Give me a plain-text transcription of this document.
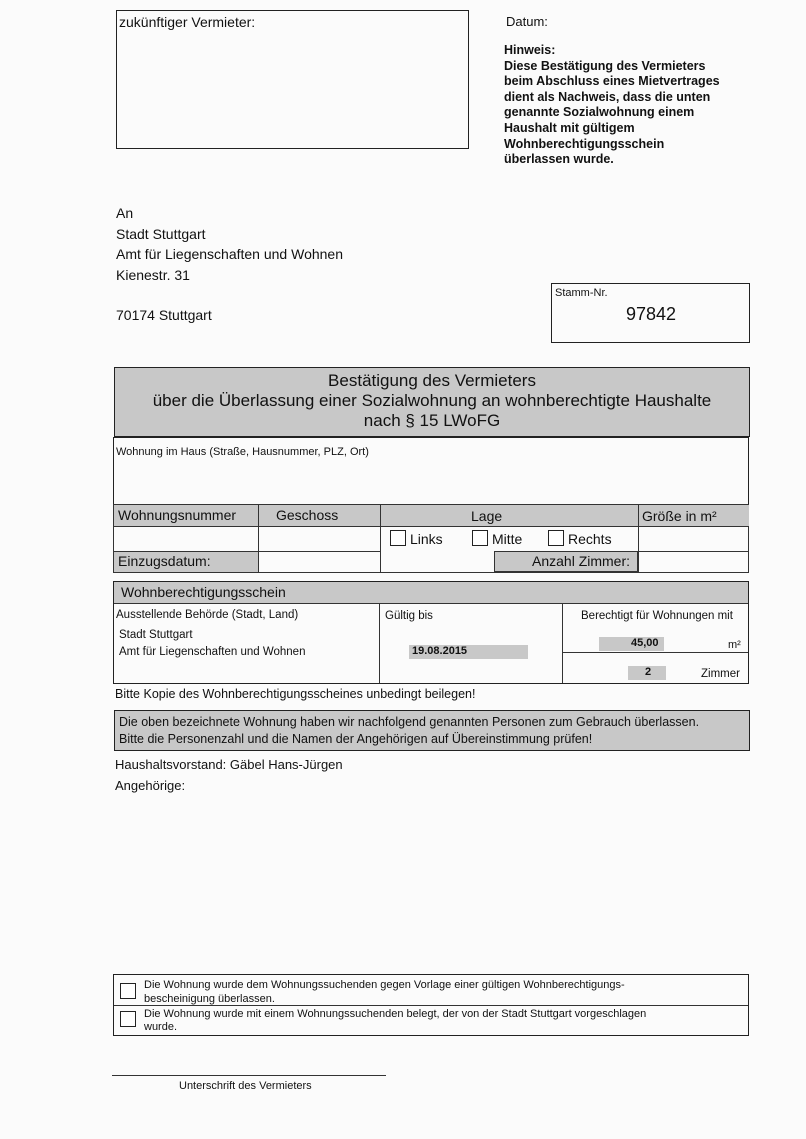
zukünftiger Vermieter:	Datum:
Hinweis:
Diese Bestätigung des Vermieters
beim Abschluss eines Mietvertrages
dient als Nachweis, dass die unten
genannte Sozialwohnung einem
Haushalt mit gültigem
Wohnberechtigungsschein
überlassen wurde.
An
Stadt Stuttgart
Amt für Liegenschaften und Wohnen
Kienestr. 31
70174 Stuttgart
Stamm-Nr.
97842
Bestätigung des Vermieters
über die Überlassung einer Sozialwohnung an wohnberechtigte Haushalte
nach § 15 LWoFG
Wohnung im Haus (Straße, Hausnummer, PLZ, Ort)
Wohnungsnummer	Geschoss	Lage	Größe in m²
Einzugsdatum:	Anzahl Zimmer:
Links	Mitte	Rechts
Wohnberechtigungsschein
Ausstellende Behörde (Stadt, Land)
Stadt Stuttgart
Amt für Liegenschaften und Wohnen
Gültig bis
19.08.2015
Berechtigt für Wohnungen mit
45,00	m²
2	Zimmer
Bitte Kopie des Wohnberechtigungsscheines unbedingt beilegen!
Die oben bezeichnete Wohnung haben wir nachfolgend genannten Personen zum Gebrauch überlassen.
Bitte die Personenzahl und die Namen der Angehörigen auf Übereinstimmung prüfen!
Haushaltsvorstand: Gäbel Hans-Jürgen
Angehörige:
Die Wohnung wurde dem Wohnungssuchenden gegen Vorlage einer gültigen Wohnberechtigungs-
bescheinigung überlassen.
Die Wohnung wurde mit einem Wohnungssuchenden belegt, der von der Stadt Stuttgart vorgeschlagen
wurde.
Unterschrift des Vermieters
